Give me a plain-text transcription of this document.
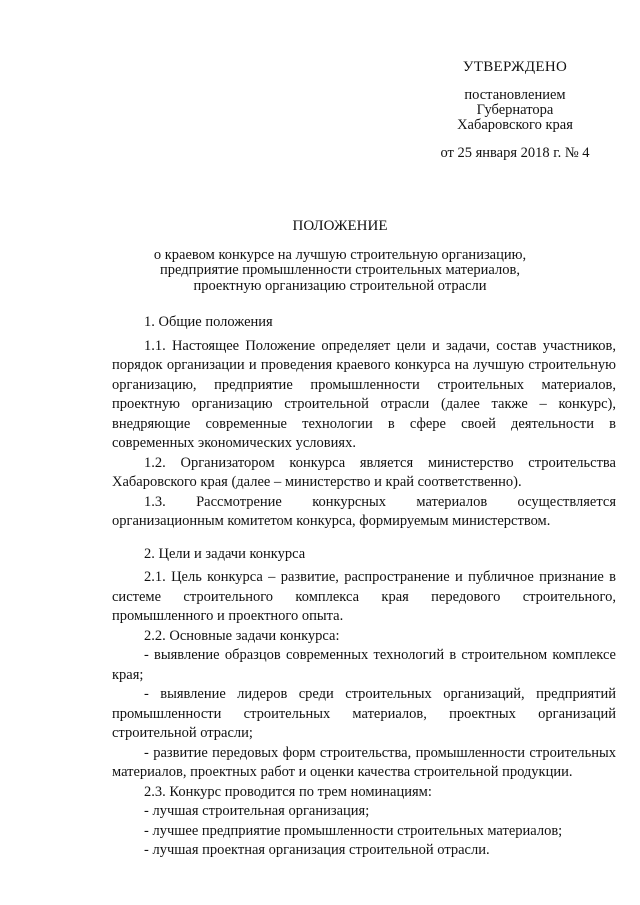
УТВЕРЖДЕНО
постановлением
Губернатора
Хабаровского края
от 25 января 2018 г. № 4
ПОЛОЖЕНИЕ
о краевом конкурсе на лучшую строительную организацию,
предприятие промышленности строительных материалов,
проектную организацию строительной отрасли

1. Общие положения

1.1. Настоящее Положение определяет цели и задачи, состав участников, порядок организации и проведения краевого конкурса на лучшую строительную организацию, предприятие промышленности строительных материалов, проектную организацию строительной отрасли (далее также – конкурс), внедряющие современные технологии в сфере своей деятельности в современных экономических условиях.

1.2. Организатором конкурса является министерство строительства Хабаровского края (далее – министерство и край соответственно).

1.3. Рассмотрение конкурсных материалов осуществляется организационным комитетом конкурса, формируемым министерством.

2. Цели и задачи конкурса

2.1. Цель конкурса – развитие, распространение и публичное признание в системе строительного комплекса края передового строительного, промышленного и проектного опыта.

2.2. Основные задачи конкурса:

- выявление образцов современных технологий в строительном комплексе края;

- выявление лидеров среди строительных организаций, предприятий промышленности строительных материалов, проектных организаций строительной отрасли;

- развитие передовых форм строительства, промышленности строительных материалов, проектных работ и оценки качества строительной продукции.

2.3. Конкурс проводится по трем номинациям:

- лучшая строительная организация;

- лучшее предприятие промышленности строительных материалов;

- лучшая проектная организация строительной отрасли.
